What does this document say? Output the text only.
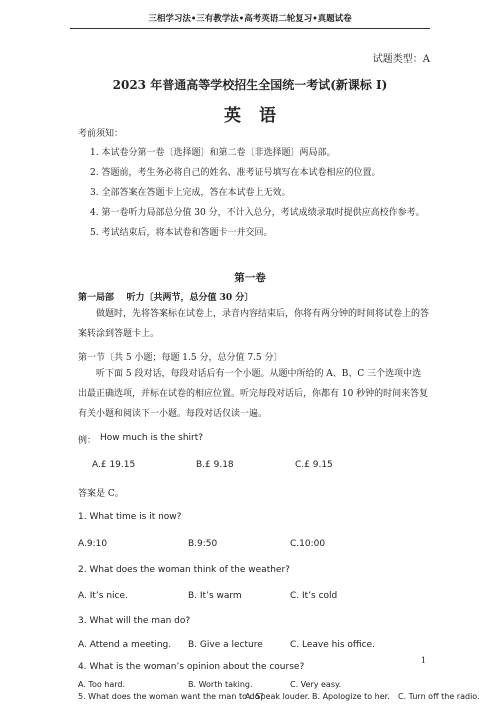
三相学习法•三有教学法•高考英语二轮复习•真题试卷
试题类型：A
2023 年普通高等学校招生全国统一考试(新课标 I)
英语
考前须知：
1. 本试卷分第一卷〔选择题〕和第二卷〔非选择题〕两局部。
2. 答题前，考生务必将自己的姓名、准考证号填写在本试卷相应的位置。
3. 全部答案在答题卡上完成，答在本试卷上无效。
4. 第一卷听力局部总分值 30 分，不计入总分，考试成绩录取时提供应高校作参考。
5. 考试结束后，将本试卷和答题卡一并交回。
第一卷
第一局部    听力〔共两节，总分值 30 分〕
做题时，先将答案标在试卷上，录音内容结束后，你将有两分钟的时间将试卷上的答案转涂到答题卡上。
第一节〔共 5 小题；每题 1.5 分，总分值 7.5 分〕
听下面 5 段对话，每段对话后有一个小题。从题中所给的 A、B、C 三个选项中选出最正确选项，并标在试卷的相应位置。听完每段对话后，你都有 10 秒钟的时间来答复有关小题和阅读下一小题。每段对话仅读一遍。
例： How much is the shirt?
A.£ 19.15	B.£ 9.18	C.£ 9.15
答案是 C。
1. What time is it now?
A.9:10	B.9:50	C.10:00
2. What does the woman think of the weather?
A. It’s nice.	B. It’s warm	C. It’s cold
3. What will the man do?
A. Attend a meeting. B. Give a lecture	C. Leave his office.
4. What is the woman’s opinion about the course?
A. Too hard.	B. Worth taking.	C. Very easy.
5. What does the woman want the man to do?
A. Speak louder. B. Apologize to her. C. Turn off the radio.
1
